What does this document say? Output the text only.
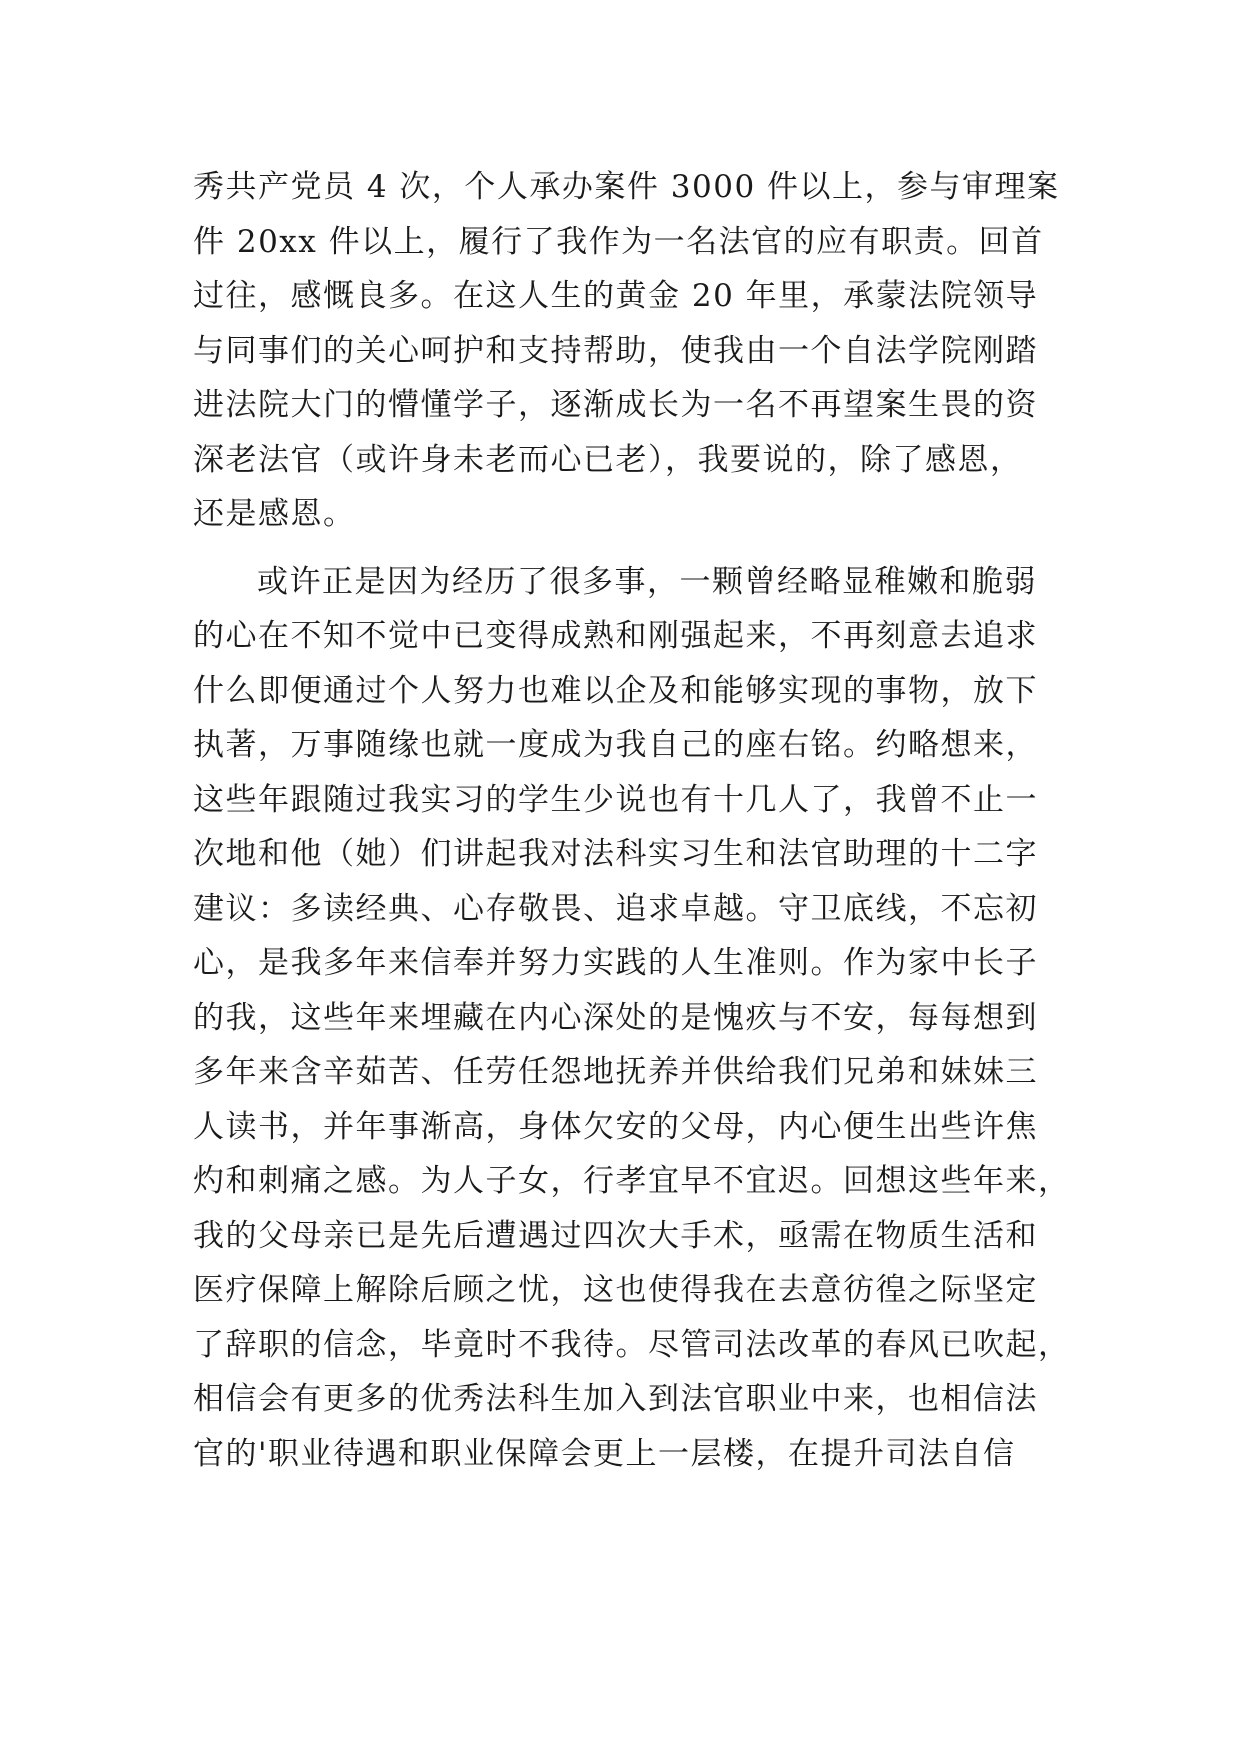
秀共产党员 4 次，个人承办案件 3000 件以上，参与审理案
件 20xx 件以上，履行了我作为一名法官的应有职责。回首
过往，感慨良多。在这人生的黄金 20 年里，承蒙法院领导
与同事们的关心呵护和支持帮助，使我由一个自法学院刚踏
进法院大门的懵懂学子，逐渐成长为一名不再望案生畏的资
深老法官（或许身未老而心已老），我要说的，除了感恩，
还是感恩。
或许正是因为经历了很多事，一颗曾经略显稚嫩和脆弱
的心在不知不觉中已变得成熟和刚强起来，不再刻意去追求
什么即便通过个人努力也难以企及和能够实现的事物，放下
执著，万事随缘也就一度成为我自己的座右铭。约略想来，
这些年跟随过我实习的学生少说也有十几人了，我曾不止一
次地和他（她）们讲起我对法科实习生和法官助理的十二字
建议：多读经典、心存敬畏、追求卓越。守卫底线，不忘初
心，是我多年来信奉并努力实践的人生准则。作为家中长子
的我，这些年来埋藏在内心深处的是愧疚与不安，每每想到
多年来含辛茹苦、任劳任怨地抚养并供给我们兄弟和妹妹三
人读书，并年事渐高，身体欠安的父母，内心便生出些许焦
灼和刺痛之感。为人子女，行孝宜早不宜迟。回想这些年来，
我的父母亲已是先后遭遇过四次大手术，亟需在物质生活和
医疗保障上解除后顾之忧，这也使得我在去意彷徨之际坚定
了辞职的信念，毕竟时不我待。尽管司法改革的春风已吹起，
相信会有更多的优秀法科生加入到法官职业中来，也相信法
官的'职业待遇和职业保障会更上一层楼，在提升司法自信
